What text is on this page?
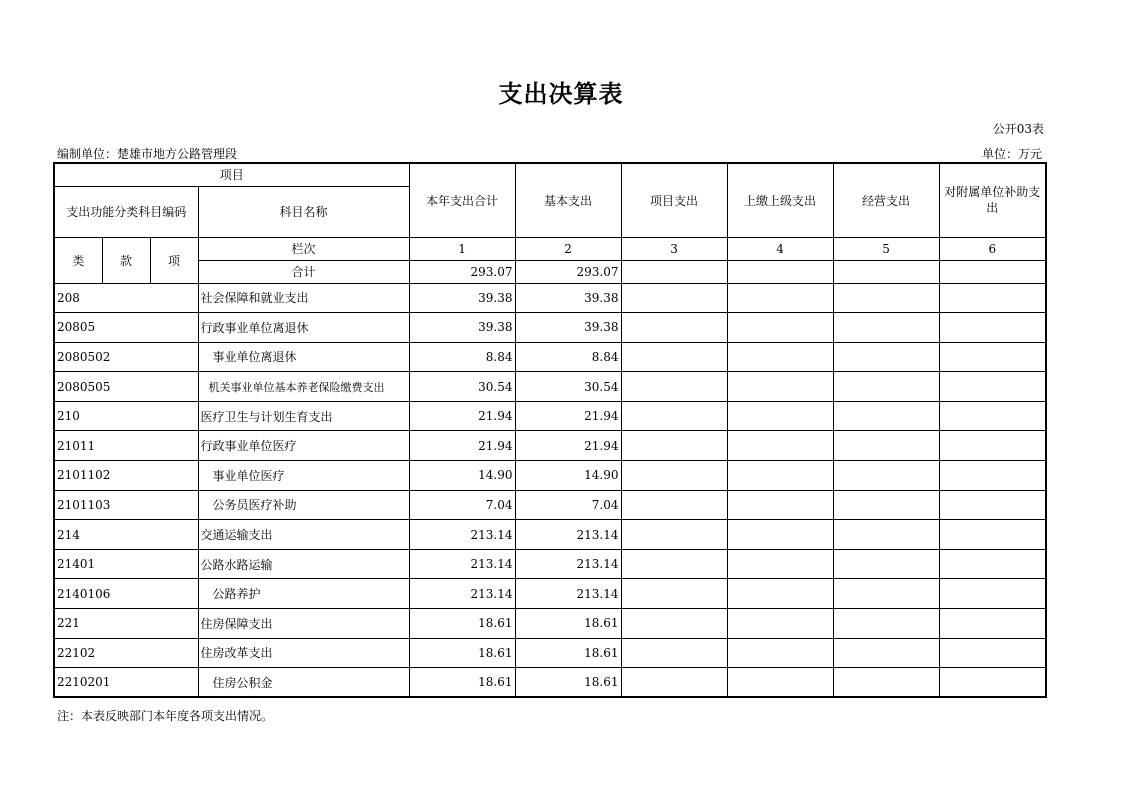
支出决算表
公开03表
编制单位：楚雄市地方公路管理段	单位：万元
项目				本年支出合计	基本支出	项目支出	上缴上级支出	经营支出	对附属单位补助支出
支出功能分类科目编码			科目名称						

类	款	项	栏次	1	2	3	4	5	6
			合计	293.07	293.07				
208			社会保障和就业支出	39.38	39.38				
20805			行政事业单位离退休	39.38	39.38				
2080502			事业单位离退休	8.84	8.84				
2080505			机关事业单位基本养老保险缴费支出	30.54	30.54				
210			医疗卫生与计划生育支出	21.94	21.94				
21011			行政事业单位医疗	21.94	21.94				
2101102			事业单位医疗	14.90	14.90				
2101103			公务员医疗补助	7.04	7.04				
214			交通运输支出	213.14	213.14				
21401			公路水路运输	213.14	213.14				
2140106			公路养护	213.14	213.14				
221			住房保障支出	18.61	18.61				
22102			住房改革支出	18.61	18.61				
2210201			住房公积金	18.61	18.61				
注：本表反映部门本年度各项支出情况。
